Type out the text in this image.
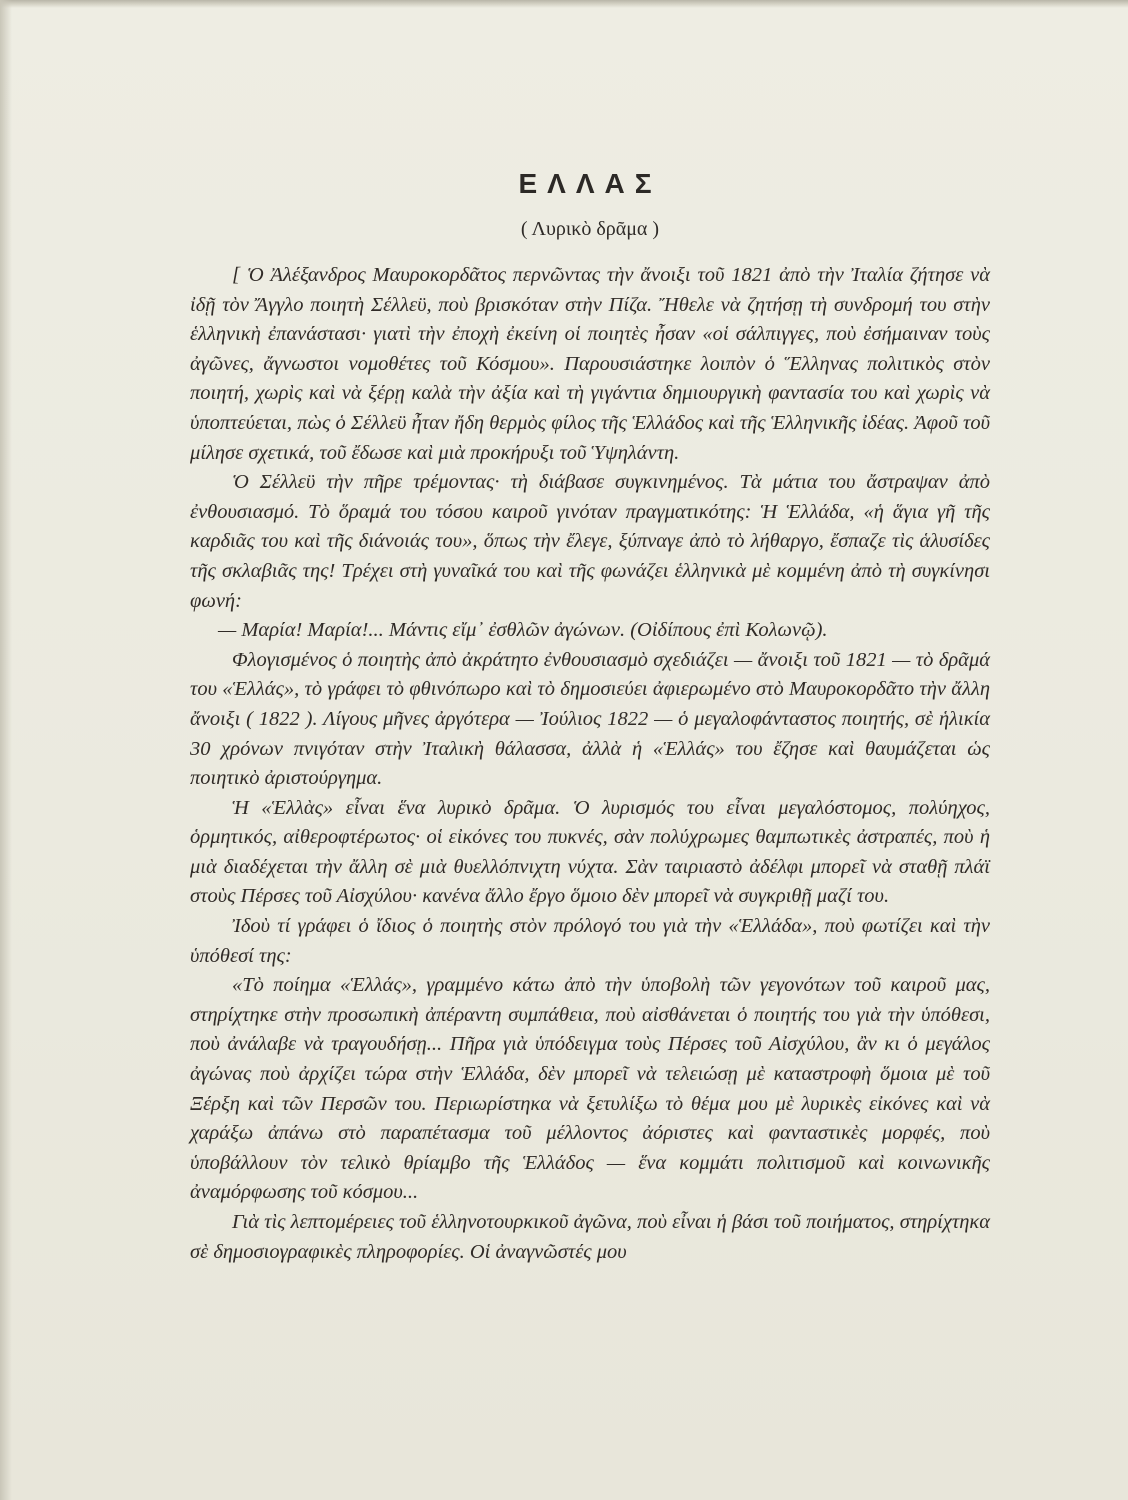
ΕΛΛΑΣ
( Λυρικὸ δρᾶμα )

[ Ὁ Ἀλέξανδρος Μαυροκορδᾶτος περνῶντας τὴν ἄνοιξι τοῦ 1821 ἀπὸ τὴν Ἰταλία ζήτησε νὰ ἰδῇ τὸν Ἄγγλο ποιητὴ Σέλλεϋ, ποὺ βρισκόταν στὴν Πίζα. Ἤθελε νὰ ζητήσῃ τὴ συνδρομή του στὴν ἑλληνικὴ ἐπανάστασι· γιατὶ τὴν ἐποχὴ ἐκείνη οἱ ποιητὲς ἦσαν «οἱ σάλπιγγες, ποὺ ἐσήμαιναν τοὺς ἀγῶνες, ἄγνωστοι νομοθέτες τοῦ Κόσμου». Παρουσιάστηκε λοιπὸν ὁ Ἕλληνας πολιτικὸς στὸν ποιητή, χωρὶς καὶ νὰ ξέρῃ καλὰ τὴν ἀξία καὶ τὴ γιγάντια δημιουργικὴ φαντασία του καὶ χωρὶς νὰ ὑποπτεύεται, πὼς ὁ Σέλλεϋ ἦταν ἤδη θερμὸς φίλος τῆς Ἑλλάδος καὶ τῆς Ἑλληνικῆς ἰδέας. Ἀφοῦ τοῦ μίλησε σχετικά, τοῦ ἔδωσε καὶ μιὰ προκήρυξι τοῦ Ὑψηλάντη.

Ὁ Σέλλεϋ τὴν πῆρε τρέμοντας· τὴ διάβασε συγκινημένος. Τὰ μάτια του ἄστραψαν ἀπὸ ἐνθουσιασμό. Τὸ ὅραμά του τόσου καιροῦ γινόταν πραγματικότης: Ἡ Ἑλλάδα, «ἡ ἅγια γῆ τῆς καρδιᾶς του καὶ τῆς διάνοιάς του», ὅπως τὴν ἔλεγε, ξύπναγε ἀπὸ τὸ λήθαργο, ἔσπαζε τὶς ἁλυσίδες τῆς σκλαβιᾶς της! Τρέχει στὴ γυναῖκά του καὶ τῆς φωνάζει ἑλληνικὰ μὲ κομμένη ἀπὸ τὴ συγκίνησι φωνή:

— Μαρία! Μαρία!... Μάντις εἴμ᾽ ἐσθλῶν ἀγώνων. (Οἰδίπους ἐπὶ Κολωνῷ).

Φλογισμένος ὁ ποιητὴς ἀπὸ ἀκράτητο ἐνθουσιασμὸ σχεδιάζει — ἄνοιξι τοῦ 1821 — τὸ δρᾶμά του «Ἑλλάς», τὸ γράφει τὸ φθινόπωρο καὶ τὸ δημοσιεύει ἀφιερωμένο στὸ Μαυροκορδᾶτο τὴν ἄλλη ἄνοιξι ( 1822 ). Λίγους μῆνες ἀργότερα — Ἰούλιος 1822 — ὁ μεγαλοφάνταστος ποιητής, σὲ ἡλικία 30 χρόνων πνιγόταν στὴν Ἰταλικὴ θάλασσα, ἀλλὰ ἡ «Ἑλλάς» του ἔζησε καὶ θαυμάζεται ὡς ποιητικὸ ἀριστούργημα.

Ἡ «Ἑλλὰς» εἶναι ἕνα λυρικὸ δρᾶμα. Ὁ λυρισμός του εἶναι μεγαλόστομος, πολύηχος, ὁρμητικός, αἰθεροφτέρωτος· οἱ εἰκόνες του πυκνές, σὰν πολύχρωμες θαμπωτικὲς ἀστραπές, ποὺ ἡ μιὰ διαδέχεται τὴν ἄλλη σὲ μιὰ θυελλόπνιχτη νύχτα. Σὰν ταιριαστὸ ἀδέλφι μπορεῖ νὰ σταθῇ πλάϊ στοὺς Πέρσες τοῦ Αἰσχύλου· κανένα ἄλλο ἔργο ὅμοιο δὲν μπορεῖ νὰ συγκριθῇ μαζί του.

Ἰδοὺ τί γράφει ὁ ἴδιος ὁ ποιητὴς στὸν πρόλογό του γιὰ τὴν «Ἑλλάδα», ποὺ φωτίζει καὶ τὴν ὑπόθεσί της:

«Τὸ ποίημα «Ἑλλάς», γραμμένο κάτω ἀπὸ τὴν ὑποβολὴ τῶν γεγονότων τοῦ καιροῦ μας, στηρίχτηκε στὴν προσωπικὴ ἀπέραντη συμπάθεια, ποὺ αἰσθάνεται ὁ ποιητής του γιὰ τὴν ὑπόθεσι, ποὺ ἀνάλαβε νὰ τραγουδήσῃ... Πῆρα γιὰ ὑπόδειγμα τοὺς Πέρσες τοῦ Αἰσχύλου, ἂν κι ὁ μεγάλος ἀγώνας ποὺ ἀρχίζει τώρα στὴν Ἑλλάδα, δὲν μπορεῖ νὰ τελειώσῃ μὲ καταστροφὴ ὅμοια μὲ τοῦ Ξέρξη καὶ τῶν Περσῶν του. Περιωρίστηκα νὰ ξετυλίξω τὸ θέμα μου μὲ λυρικὲς εἰκόνες καὶ νὰ χαράξω ἀπάνω στὸ παραπέτασμα τοῦ μέλλοντος ἀόριστες καὶ φανταστικὲς μορφές, ποὺ ὑποβάλλουν τὸν τελικὸ θρίαμβο τῆς Ἑλλάδος — ἕνα κομμάτι πολιτισμοῦ καὶ κοινωνικῆς ἀναμόρφωσης τοῦ κόσμου...

Γιὰ τὶς λεπτομέρειες τοῦ ἑλληνοτουρκικοῦ ἀγῶνα, ποὺ εἶναι ἡ βάσι τοῦ ποιήματος, στηρίχτηκα σὲ δημοσιογραφικὲς πληροφορίες. Οἱ ἀναγνῶστές μου
